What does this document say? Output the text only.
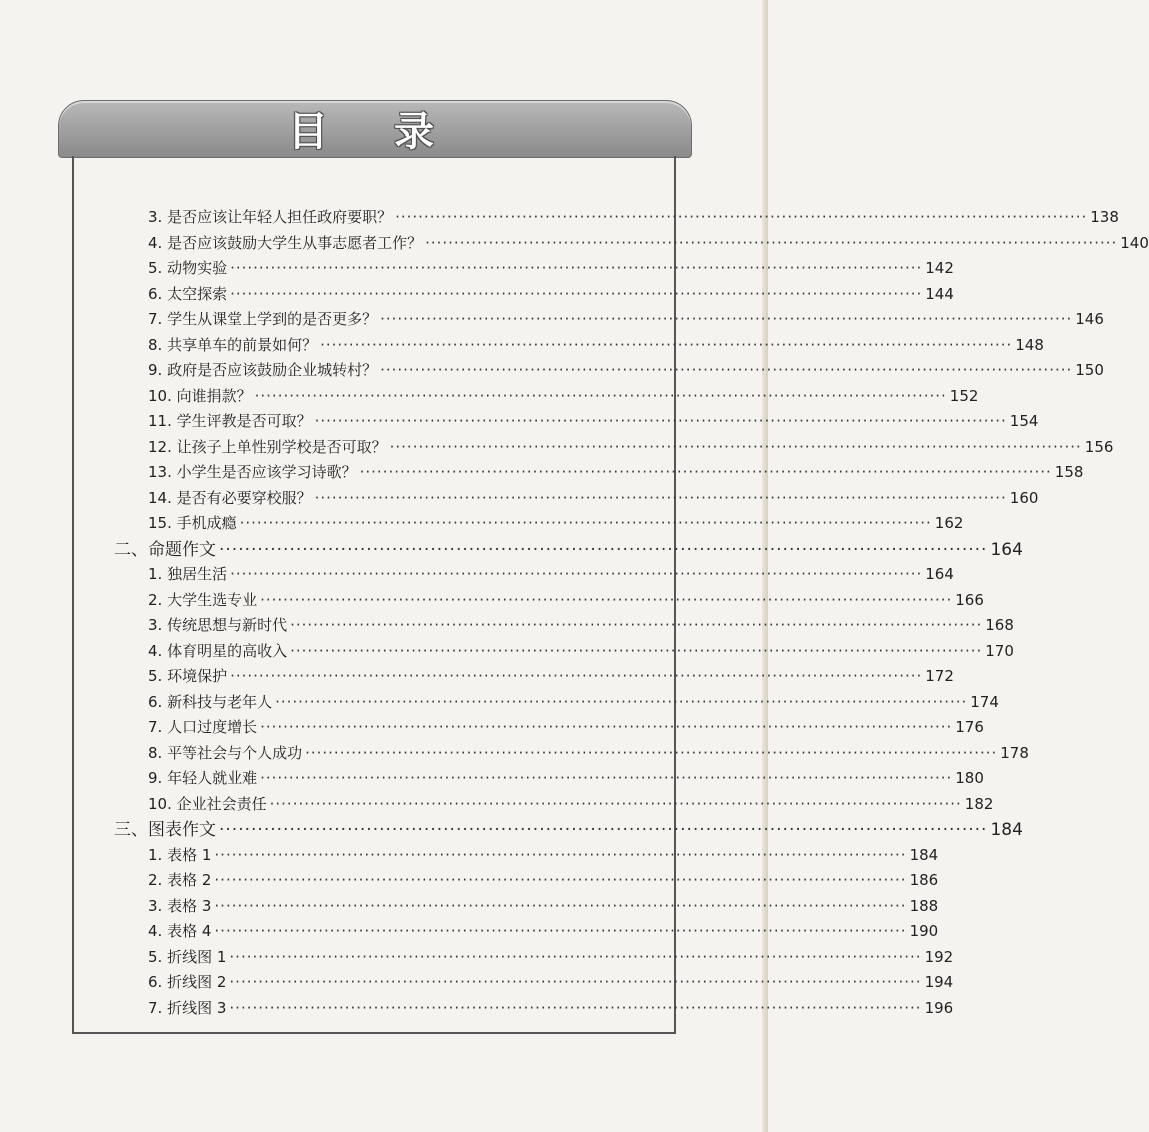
目 录
3. 是否应该让年轻人担任政府要职？ ························································································································ 138
4. 是否应该鼓励大学生从事志愿者工作？ ························································································································ 140
5. 动物实验 ························································································································ 142
6. 太空探索 ························································································································ 144
7. 学生从课堂上学到的是否更多？ ························································································································ 146
8. 共享单车的前景如何？ ························································································································ 148
9. 政府是否应该鼓励企业城转村？ ························································································································ 150
10. 向谁捐款？ ························································································································ 152
11. 学生评教是否可取？ ························································································································ 154
12. 让孩子上单性别学校是否可取？ ························································································································ 156
13. 小学生是否应该学习诗歌？ ························································································································ 158
14. 是否有必要穿校服？ ························································································································ 160
15. 手机成瘾 ························································································································ 162
二、命题作文 ························································································································ 164
1. 独居生活 ························································································································ 164
2. 大学生选专业 ························································································································ 166
3. 传统思想与新时代 ························································································································ 168
4. 体育明星的高收入 ························································································································ 170
5. 环境保护 ························································································································ 172
6. 新科技与老年人 ························································································································ 174
7. 人口过度增长 ························································································································ 176
8. 平等社会与个人成功 ························································································································ 178
9. 年轻人就业难 ························································································································ 180
10. 企业社会责任 ························································································································ 182
三、图表作文 ························································································································ 184
1. 表格 1 ························································································································ 184
2. 表格 2 ························································································································ 186
3. 表格 3 ························································································································ 188
4. 表格 4 ························································································································ 190
5. 折线图 1 ························································································································ 192
6. 折线图 2 ························································································································ 194
7. 折线图 3 ························································································································ 196
